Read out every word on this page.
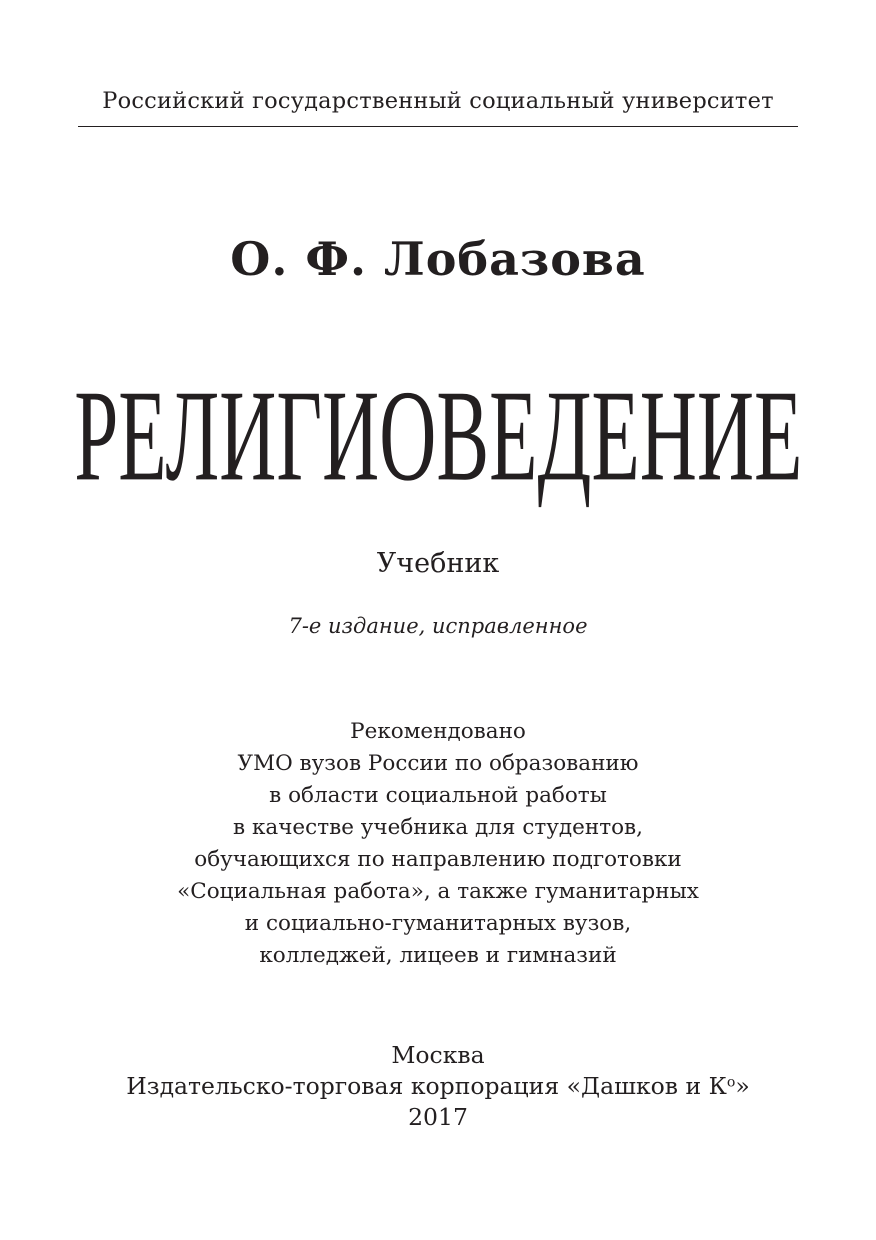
Российский государственный социальный университет
О. Ф. Лобазова
РЕЛИГИОВЕДЕНИЕ
Учебник
7-е издание, исправленное
Рекомендовано
УМО вузов России по образованию
в области социальной работы
в качестве учебника для студентов,
обучающихся по направлению подготовки
«Социальная работа», а также гуманитарных
и социально-гуманитарных вузов,
колледжей, лицеев и гимназий
Москва
Издательско-торговая корпорация «Дашков и $К^о$»
2017
